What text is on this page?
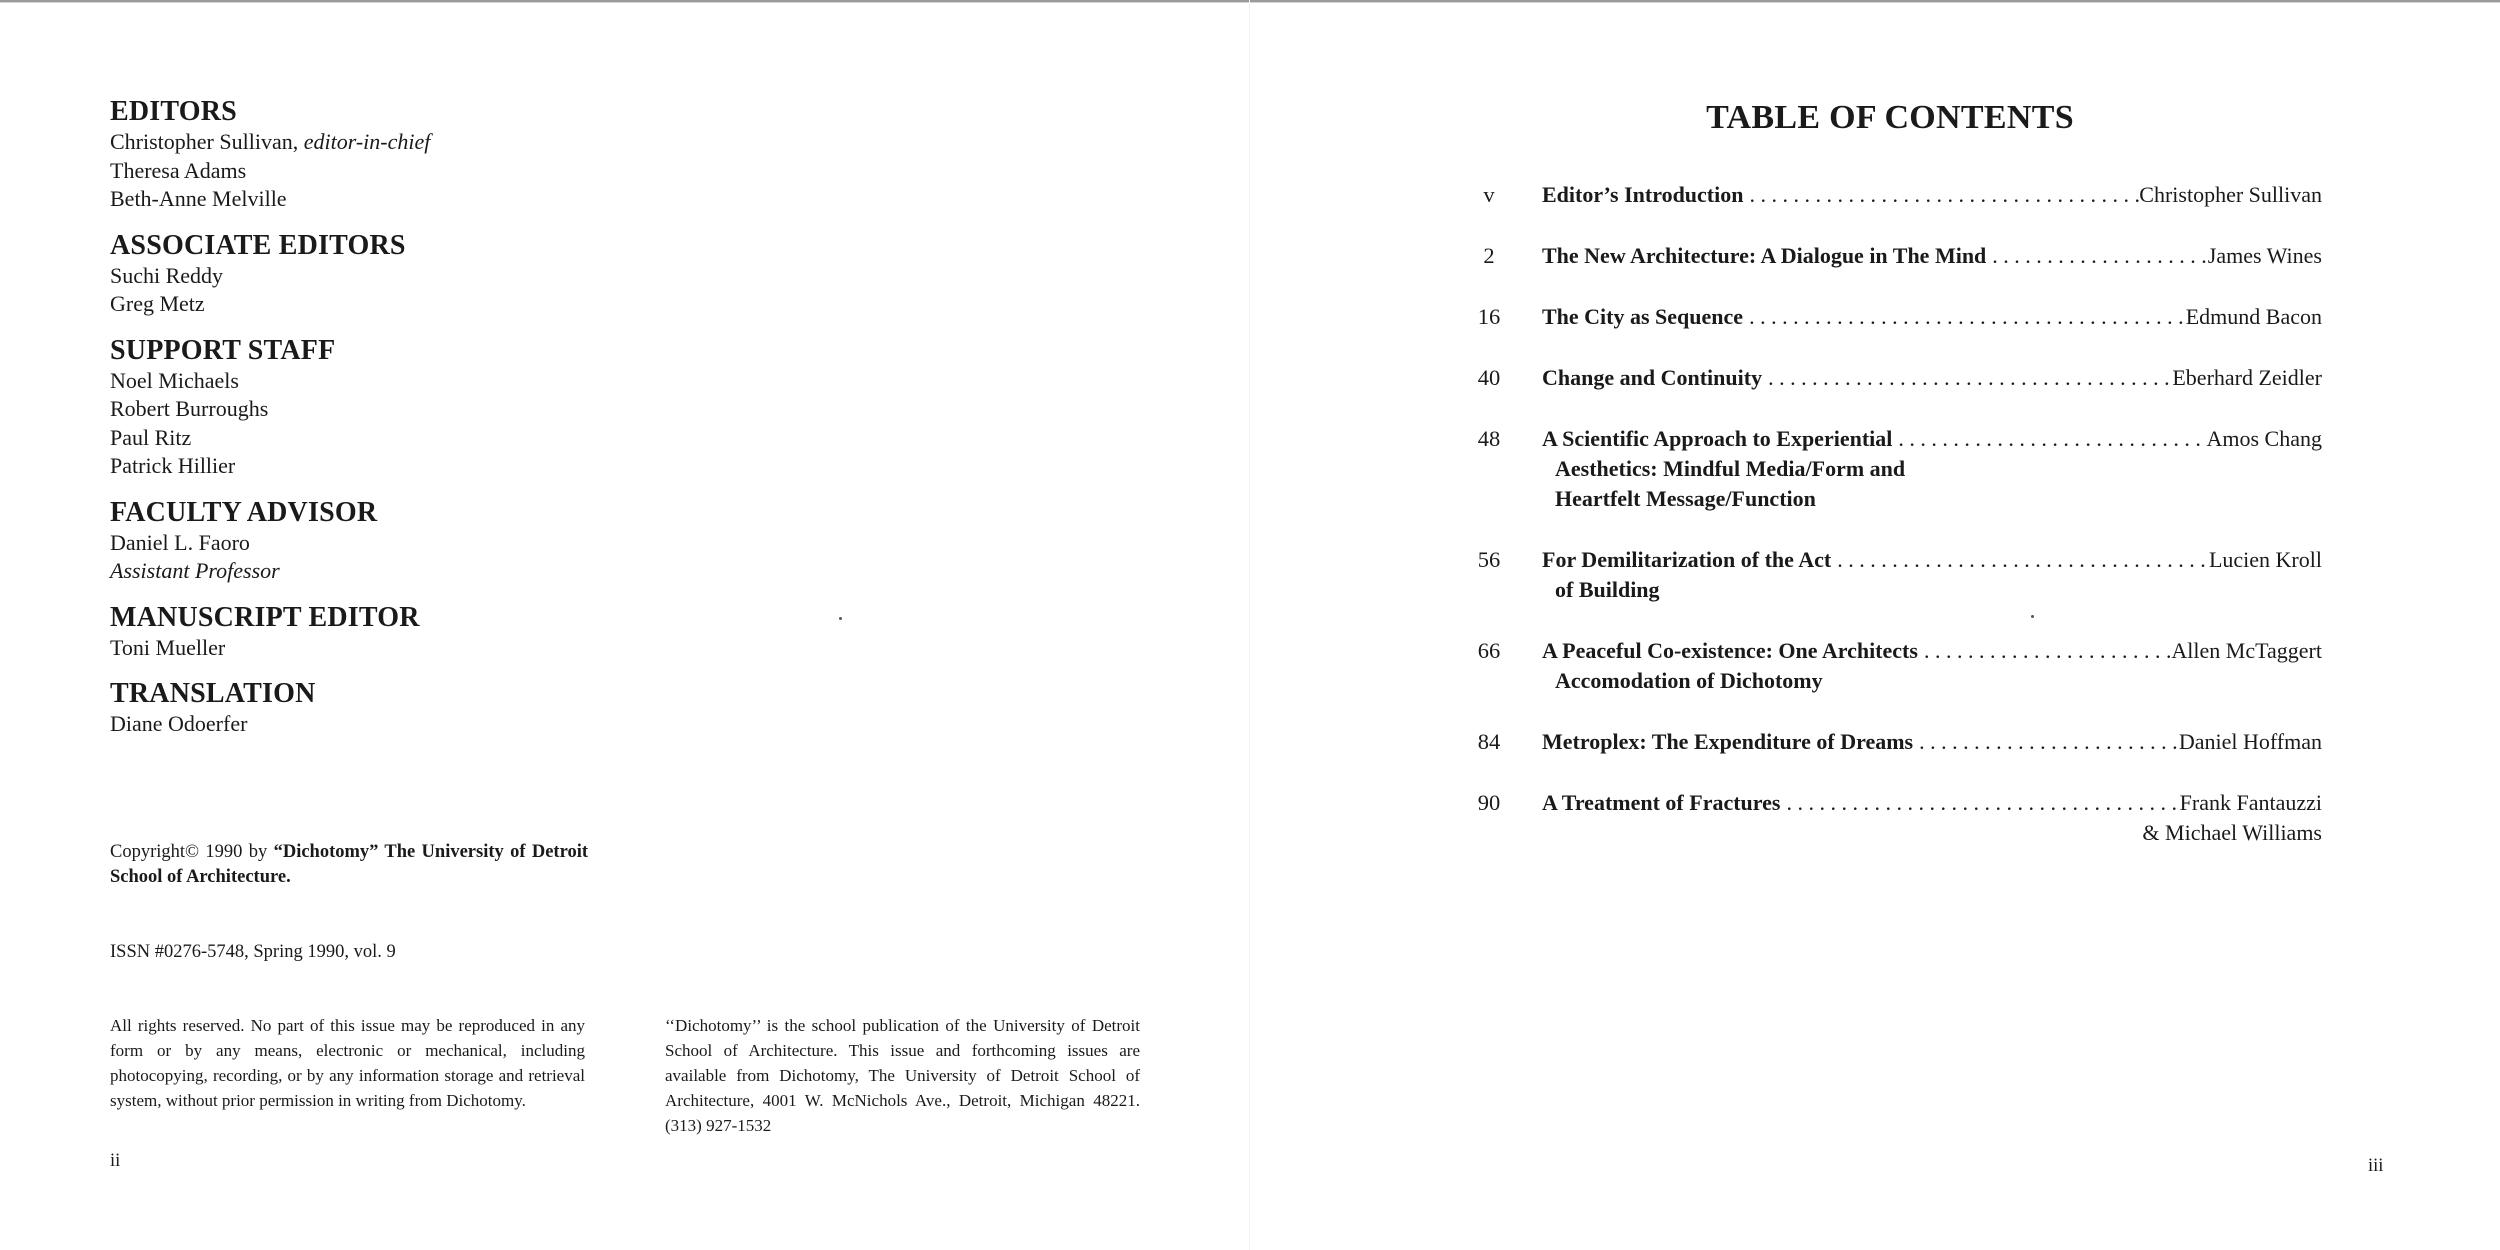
EDITORS
Christopher Sullivan, editor-in-chief
Theresa Adams
Beth-Anne Melville
ASSOCIATE EDITORS
Suchi Reddy
Greg Metz
SUPPORT STAFF
Noel Michaels
Robert Burroughs
Paul Ritz
Patrick Hillier
FACULTY ADVISOR
Daniel L. Faoro
Assistant Professor
MANUSCRIPT EDITOR
Toni Mueller
TRANSLATION
Diane Odoerfer
Copyright© 1990 by “Dichotomy” The University of Detroit School of Architecture.
ISSN #0276-5748, Spring 1990, vol. 9
All rights reserved. No part of this issue may be reproduced in any form or by any means, electronic or mechanical, including photocopying, recording, or by any information storage and retrieval system, without prior permission in writing from Dichotomy.
‘‘Dichotomy’’ is the school publication of the University of Detroit School of Architecture. This issue and forthcoming issues are available from Dichotomy, The University of Detroit School of Architecture, 4001 W. McNichols Ave., Detroit, Michigan 48221. (313) 927-1532
ii	iii
TABLE OF CONTENTS
v	Editor’s Introduction . . .	Christopher Sullivan
2	The New Architecture: A Dialogue in The Mind . . .	James Wines
16	The City as Sequence . . .	Edmund Bacon
40	Change and Continuity . . .	Eberhard Zeidler
48	A Scientific Approach to Experiential . . .	Amos Chang
Aesthetics: Mindful Media/Form and
Heartfelt Message/Function
56	For Demilitarization of the Act . . .	Lucien Kroll
of Building
66	A Peaceful Co-existence: One Architects . . .	Allen McTaggert
Accomodation of Dichotomy
84	Metroplex: The Expenditure of Dreams . . .	Daniel Hoffman
90	A Treatment of Fractures . . .	Frank Fantauzzi
& Michael Williams
